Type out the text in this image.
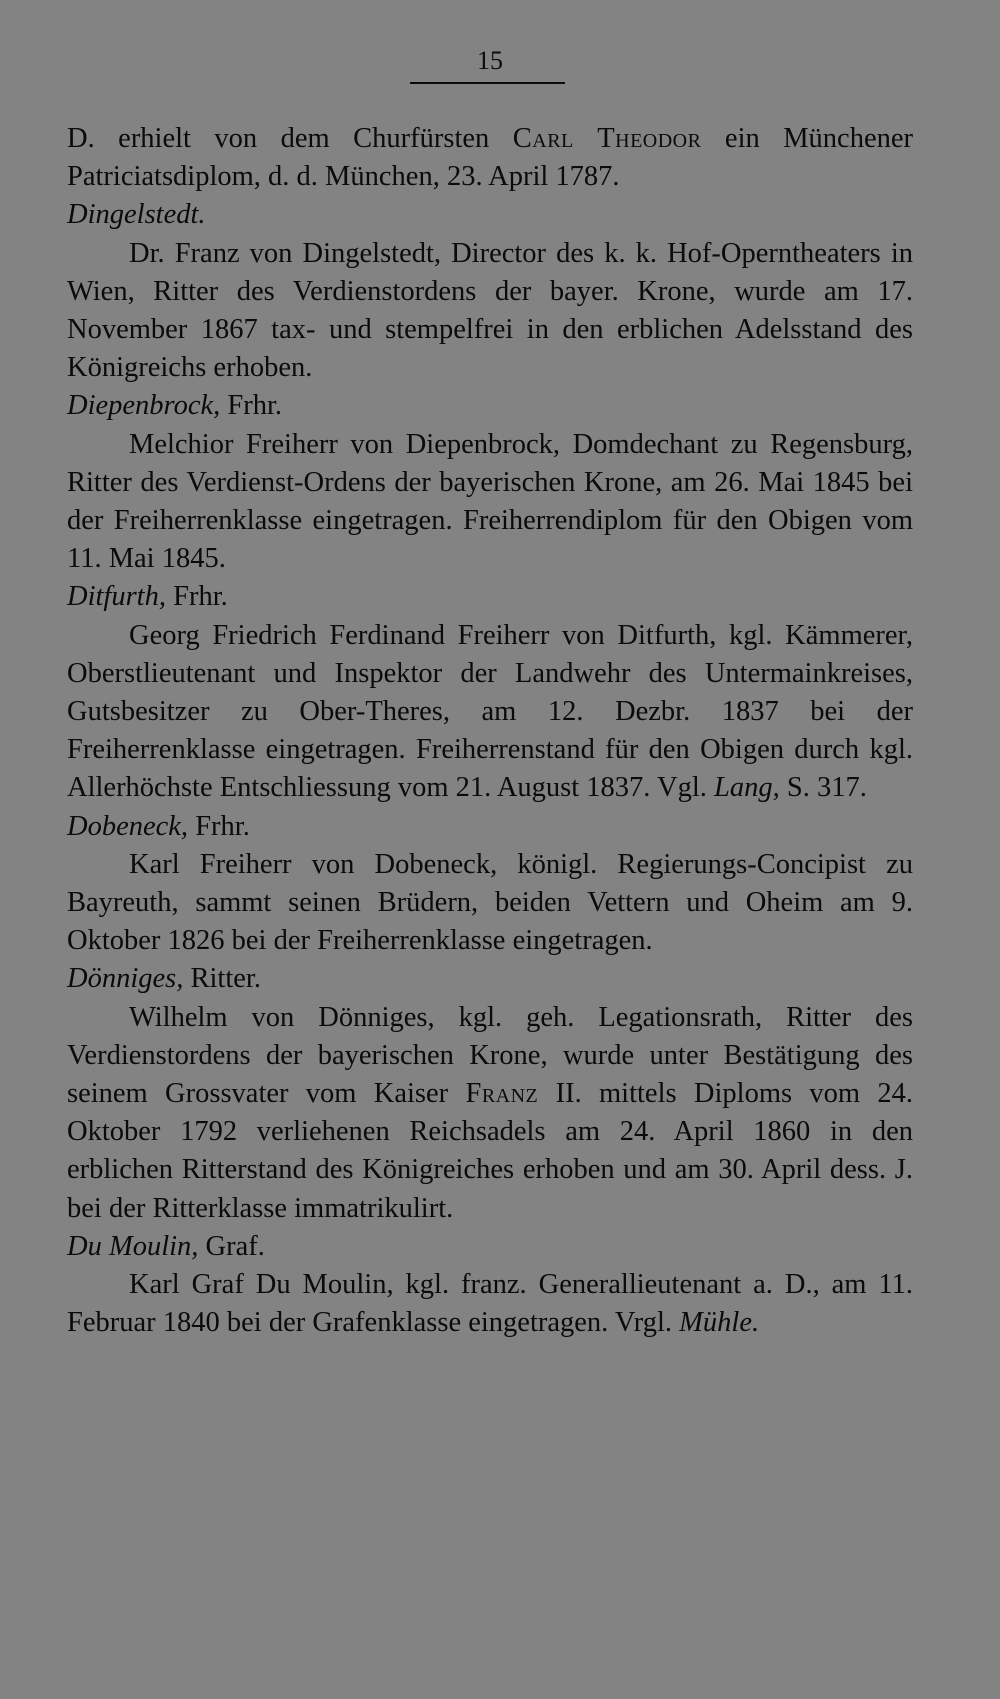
15

D. erhielt von dem Churfürsten Carl Theodor ein Münchener Patriciatsdiplom, d. d. München, 23. April 1787.

Dingelstedt.

Dr. Franz von Dingelstedt, Director des k. k. Hof-Operntheaters in Wien, Ritter des Verdienstordens der bayer. Krone, wurde am 17. November 1867 tax- und stempelfrei in den erblichen Adelsstand des Königreichs erhoben.

Diepenbrock, Frhr.

Melchior Freiherr von Diepenbrock, Domdechant zu Regensburg, Ritter des Verdienst-Ordens der bayerischen Krone, am 26. Mai 1845 bei der Freiherrenklasse eingetragen. Freiherrendiplom für den Obigen vom 11. Mai 1845.

Ditfurth, Frhr.

Georg Friedrich Ferdinand Freiherr von Ditfurth, kgl. Kämmerer, Oberstlieutenant und Inspektor der Landwehr des Untermainkreises, Gutsbesitzer zu Ober-Theres, am 12. Dezbr. 1837 bei der Freiherrenklasse eingetragen. Freiherrenstand für den Obigen durch kgl. Allerhöchste Entschliessung vom 21. August 1837. Vgl. Lang, S. 317.

Dobeneck, Frhr.

Karl Freiherr von Dobeneck, königl. Regierungs-Concipist zu Bayreuth, sammt seinen Brüdern, beiden Vettern und Oheim am 9. Oktober 1826 bei der Freiherrenklasse eingetragen.

Dönniges, Ritter.

Wilhelm von Dönniges, kgl. geh. Legationsrath, Ritter des Verdienstordens der bayerischen Krone, wurde unter Bestätigung des seinem Grossvater vom Kaiser Franz II. mittels Diploms vom 24. Oktober 1792 verliehenen Reichsadels am 24. April 1860 in den erblichen Ritterstand des Königreiches erhoben und am 30. April dess. J. bei der Ritterklasse immatrikulirt.

Du Moulin, Graf.

Karl Graf Du Moulin, kgl. franz. Generallieutenant a. D., am 11. Februar 1840 bei der Grafenklasse eingetragen. Vrgl. Mühle.
